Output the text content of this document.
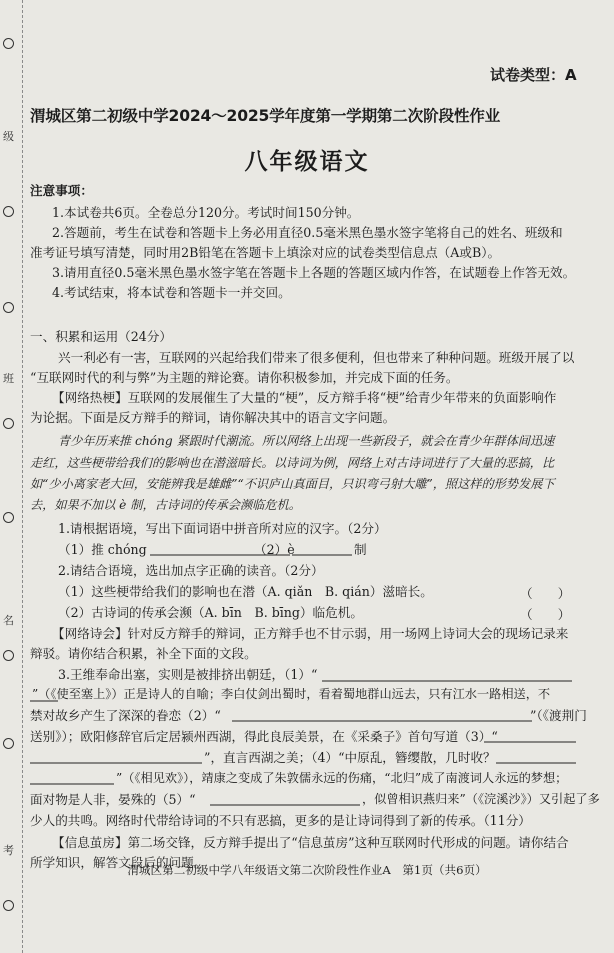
级
班
名
考
试卷类型：A
渭城区第二初级中学2024～2025学年度第一学期第二次阶段性作业
八年级语文
注意事项：
1.本试卷共6页。全卷总分120分。考试时间150分钟。
2.答题前，考生在试卷和答题卡上务必用直径0.5毫米黑色墨水签字笔将自己的姓名、班级和
准考证号填写清楚，同时用2B铅笔在答题卡上填涂对应的试卷类型信息点（A或B）。
3.请用直径0.5毫米黑色墨水签字笔在答题卡上各题的答题区域内作答，在试题卷上作答无效。
4.考试结束，将本试卷和答题卡一并交回。
一、积累和运用（24分）
兴一利必有一害，互联网的兴起给我们带来了很多便利，但也带来了种种问题。班级开展了以
“互联网时代的利与弊”为主题的辩论赛。请你积极参加，并完成下面的任务。
【网络热梗】互联网的发展催生了大量的“梗”，反方辩手将“梗”给青少年带来的负面影响作
为论据。下面是反方辩手的辩词，请你解决其中的语言文字问题。
青少年历来推 chóng 紧跟时代潮流。所以网络上出现一些新段子，就会在青少年群体间迅速
走红，这些梗带给我们的影响也在潜滋暗长。以诗词为例，网络上对古诗词进行了大量的恶搞，比
如“少小离家老大回，安能辨我是雄雌”“不识庐山真面目，只识弯弓射大雕”，照这样的形势发展下
去，如果不加以 è 制，古诗词的传承会濒临危机。
1.请根据语境，写出下面词语中拼音所对应的汉字。（2分）
（1）推 chóng	（2）è	制
2.请结合语境，选出加点字正确的读音。（2分）
（1）这些梗带给我们的影响也在潜（A. qiǎn　B. qián）滋暗长。	（　　）
（2）古诗词的传承会濒（A. bīn　B. bīng）临危机。	（　　）
【网络诗会】针对反方辩手的辩词，正方辩手也不甘示弱，用一场网上诗词大会的现场记录来
辩驳。请你结合积累，补全下面的文段。
3.王维奉命出塞，实则是被排挤出朝廷，（1）“
”（《使至塞上》）正是诗人的自喻；李白仗剑出蜀时，看着蜀地群山远去，只有江水一路相送，不
禁对故乡产生了深深的眷恋（2）“	”（《渡荆门
送别》）；欧阳修辞官后定居颍州西湖，得此良辰美景，在《采桑子》首句写道（3）“
”，直言西湖之美；（4）“中原乱，簪缨散，几时收？
”（《相见欢》），靖康之变成了朱敦儒永远的伤痛，“北归”成了南渡词人永远的梦想；
面对物是人非，晏殊的（5）“	，似曾相识燕归来”（《浣溪沙》）又引起了多
少人的共鸣。网络时代带给诗词的不只有恶搞，更多的是让诗词得到了新的传承。（11分）
【信息茧房】第二场交锋，反方辩手提出了“信息茧房”这种互联网时代形成的问题。请你结合
所学知识，解答文段后的问题。
渭城区第二初级中学八年级语文第二次阶段性作业A　第1页（共6页）
